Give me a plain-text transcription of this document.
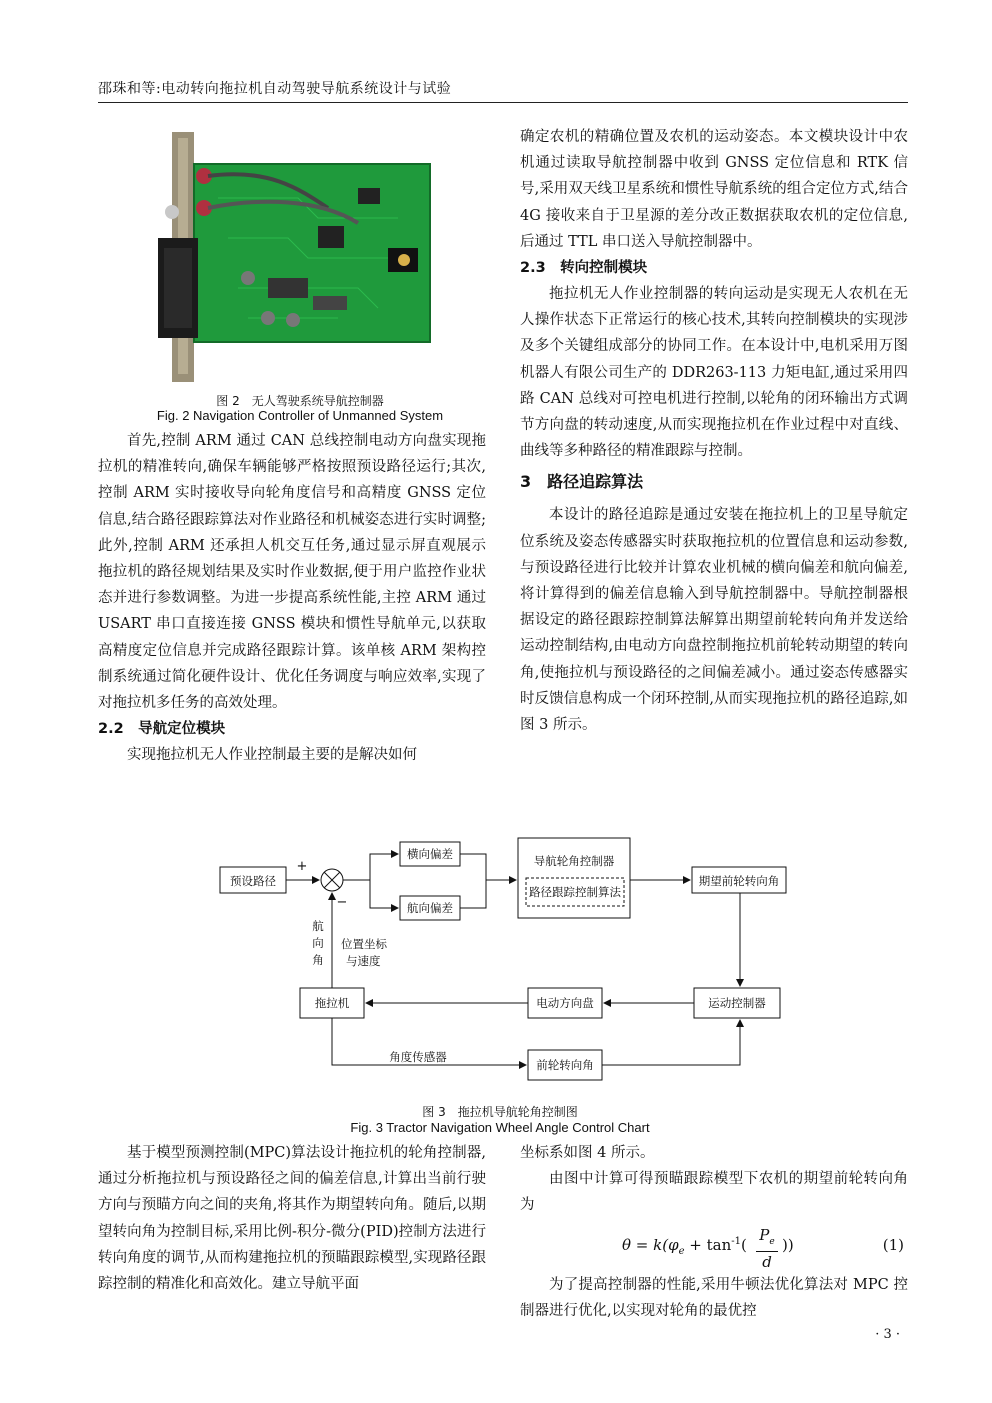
邵珠和等:电动转向拖拉机自动驾驶导航系统设计与试验
图 2　无人驾驶系统导航控制器
Fig. 2 Navigation Controller of Unmanned System

首先,控制 ARM 通过 CAN 总线控制电动方向盘实现拖拉机的精准转向,确保车辆能够严格按照预设路径运行;其次,控制 ARM 实时接收导向轮角度信号和高精度 GNSS 定位信息,结合路径跟踪算法对作业路径和机械姿态进行实时调整;此外,控制 ARM 还承担人机交互任务,通过显示屏直观展示拖拉机的路径规划结果及实时作业数据,便于用户监控作业状态并进行参数调整。为进一步提高系统性能,主控 ARM 通过 USART 串口直接连接 GNSS 模块和惯性导航单元,以获取高精度定位信息并完成路径跟踪计算。该单核 ARM 架构控制系统通过简化硬件设计、优化任务调度与响应效率,实现了对拖拉机多任务的高效处理。

2.2　导航定位模块

实现拖拉机无人作业控制最主要的是解决如何

确定农机的精确位置及农机的运动姿态。本文模块设计中农机通过读取导航控制器中收到 GNSS 定位信息和 RTK 信号,采用双天线卫星系统和惯性导航系统的组合定位方式,结合 4G 接收来自于卫星源的差分改正数据获取农机的定位信息,后通过 TTL 串口送入导航控制器中。

2.3　转向控制模块

拖拉机无人作业控制器的转向运动是实现无人农机在无人操作状态下正常运行的核心技术,其转向控制模块的实现涉及多个关键组成部分的协同工作。在本设计中,电机采用万图机器人有限公司生产的 DDR263-113 力矩电缸,通过采用四路 CAN 总线对可控电机进行控制,以轮角的闭环输出方式调节方向盘的转动速度,从而实现拖拉机在作业过程中对直线、曲线等多种路径的精准跟踪与控制。

3　路径追踪算法

本设计的路径追踪是通过安装在拖拉机上的卫星导航定位系统及姿态传感器实时获取拖拉机的位置信息和运动参数,与预设路径进行比较并计算农业机械的横向偏差和航向偏差,将计算得到的偏差信息输入到导航控制器中。导航控制器根据设定的路径跟踪控制算法解算出期望前轮转向角并发送给运动控制结构,由电动方向盘控制拖拉机前轮转动期望的转向角,使拖拉机与预设路径的之间偏差减小。通过姿态传感器实时反馈信息构成一个闭环控制,从而实现拖拉机的路径追踪,如图 3 所示。

预设路径
横向偏差
航向偏差
导航轮角控制器
路径跟踪控制算法
期望前轮转向角
拖拉机	电动方向盘	运动控制器
前轮转向角
+
−
航
向
角
位置坐标
与速度
角度传感器
图 3　拖拉机导航轮角控制图
Fig. 3 Tractor Navigation Wheel Angle Control Chart

基于模型预测控制(MPC)算法设计拖拉机的轮角控制器,通过分析拖拉机与预设路径之间的偏差信息,计算出当前行驶方向与预瞄方向之间的夹角,将其作为期望转向角。随后,以期望转向角为控制目标,采用比例-积分-微分(PID)控制方法进行转向角度的调节,从而构建拖拉机的预瞄跟踪模型,实现路径跟踪控制的精准化和高效化。建立导航平面

坐标系如图 4 所示。

由图中计算可得预瞄跟踪模型下农机的期望前轮转向角为

$\theta = k(\varphi_e + \tan^{-1}$(
$P_e$
d
))	(1)

为了提高控制器的性能,采用牛顿法优化算法对 MPC 控制器进行优化,以实现对轮角的最优控

· 3 ·
